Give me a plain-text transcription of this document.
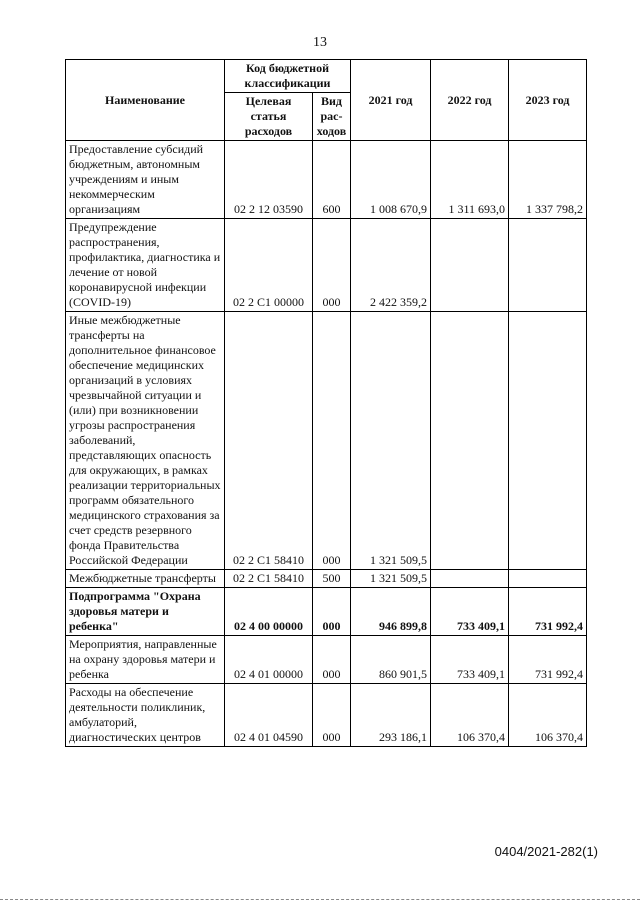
13
Наименование	Код бюджетной классификации		2021 год	2022 год	2023 год
	Целевая статья расходов	Вид рас-ходов			
Предоставление субсидий бюджетным, автономным учреждениям и иным некоммерческим организациям	02 2 12 03590	600	1 008 670,9	1 311 693,0	1 337 798,2
Предупреждение распространения, профилактика, диагностика и лечение от новой коронавирусной инфекции (COVID-19)	02 2 C1 00000	000	2 422 359,2		
Иные межбюджетные трансферты на дополнительное финансовое обеспечение медицинских организаций в условиях чрезвычайной ситуации и (или) при возникновении угрозы распространения заболеваний, представляющих опасность для окружающих, в рамках реализации территориальных программ обязательного медицинского страхования за счет средств резервного фонда Правительства Российской Федерации	02 2 C1 58410	000	1 321 509,5		
Межбюджетные трансферты	02 2 C1 58410	500	1 321 509,5		
Подпрограмма "Охрана здоровья матери и ребенка"	02 4 00 00000	000	946 899,8	733 409,1	731 992,4
Мероприятия, направленные на охрану здоровья матери и ребенка	02 4 01 00000	000	860 901,5	733 409,1	731 992,4
Расходы на обеспечение деятельности поликлиник, амбулаторий, диагностических центров	02 4 01 04590	000	293 186,1	106 370,4	106 370,4
0404/2021-282(1)
